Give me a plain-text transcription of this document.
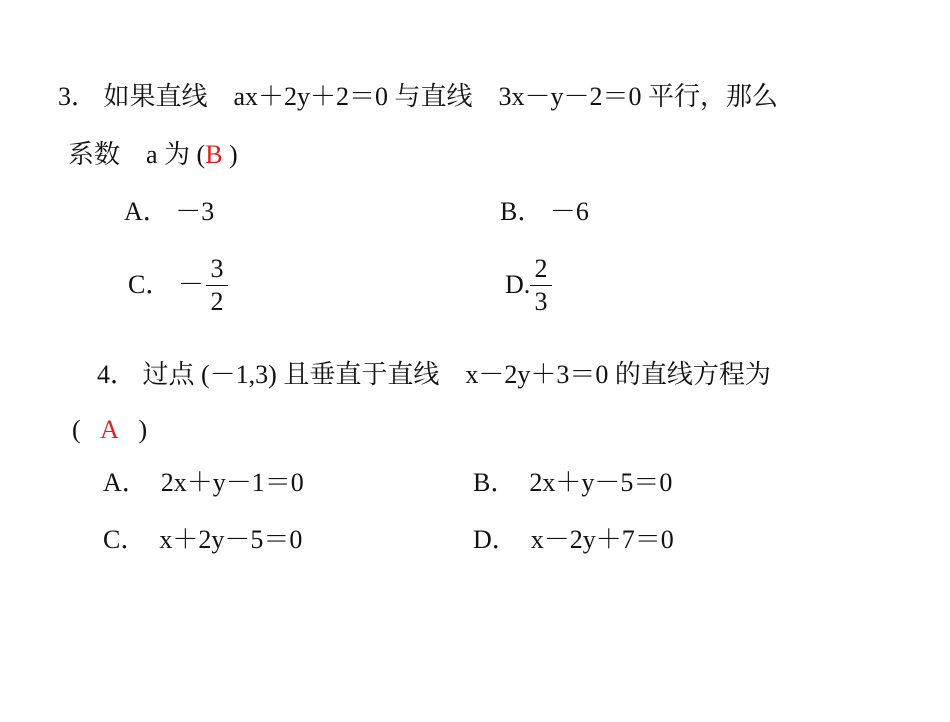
3． 如果直线　ax＋2y＋2＝0 与直线　3x－y－2＝0 平行，那么
系数　a 为 (B )
A． －3	B． －6
C． －
3
2
D.
2
3
4． 过点 (－1,3) 且垂直于直线　x－2y＋3＝0 的直线方程为
( A )
A．　2x＋y－1＝0	B．　2x＋y－5＝0
C．　x＋2y－5＝0	D．　x－2y＋7＝0
